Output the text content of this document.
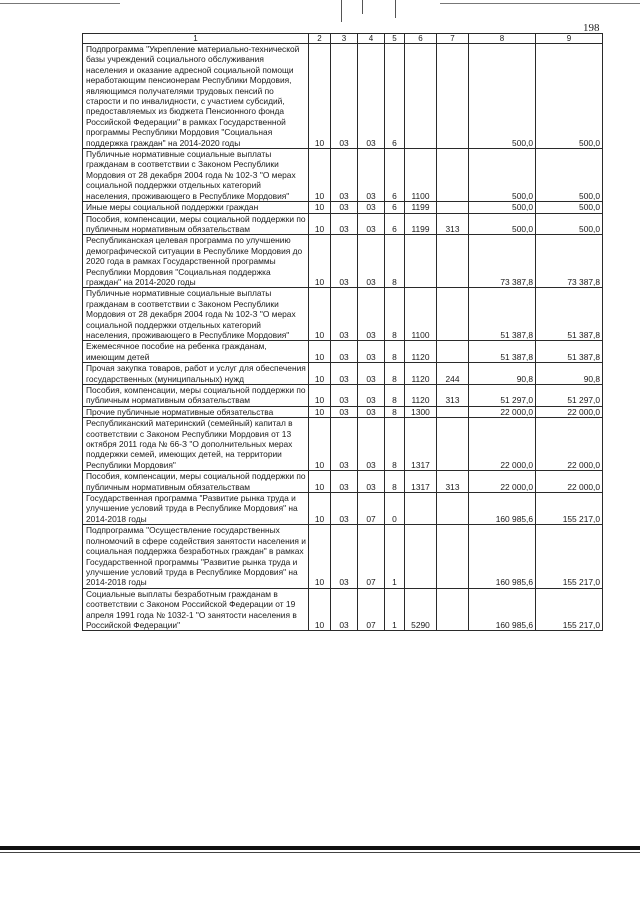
198
1	2	3	4	5	6	7	8	9
Подпрограмма "Укрепление материально-технической базы учреждений социального обслуживания населения и оказание адресной социальной помощи неработающим пенсионерам Республики Мордовия, являющимся получателями трудовых пенсий по старости и по инвалидности, с участием субсидий, предоставляемых из бюджета Пенсионного фонда Российской Федерации" в рамках Государственной программы Республики Мордовия "Социальная поддержка граждан" на 2014-2020 годы	10	03	03	6			500,0	500,0
Публичные нормативные социальные выплаты гражданам в соответствии с Законом Республики Мордовия от 28 декабря 2004 года № 102-З "О мерах социальной поддержки отдельных категорий населения, проживающего в Республике Мордовия"	10	03	03	6	1100		500,0	500,0
Иные меры социальной поддержки граждан	10	03	03	6	1199		500,0	500,0
Пособия, компенсации, меры социальной поддержки по публичным нормативным обязательствам	10	03	03	6	1199	313	500,0	500,0
Республиканская целевая программа по улучшению демографической ситуации в Республике Мордовия до 2020 года в рамках Государственной программы Республики Мордовия "Социальная поддержка граждан" на 2014-2020 годы	10	03	03	8			73 387,8	73 387,8
Публичные нормативные социальные выплаты гражданам в соответствии с Законом Республики Мордовия от 28 декабря 2004 года № 102-З "О мерах социальной поддержки отдельных категорий населения, проживающего в Республике Мордовия"	10	03	03	8	1100		51 387,8	51 387,8
Ежемесячное пособие на ребенка гражданам, имеющим детей	10	03	03	8	1120		51 387,8	51 387,8
Прочая закупка товаров, работ и услуг для обеспечения государственных (муниципальных) нужд	10	03	03	8	1120	244	90,8	90,8
Пособия, компенсации, меры социальной поддержки по публичным нормативным обязательствам	10	03	03	8	1120	313	51 297,0	51 297,0
Прочие публичные нормативные обязательства	10	03	03	8	1300		22 000,0	22 000,0
Республиканский материнский (семейный) капитал в соответствии с Законом Республики Мордовия от 13 октября 2011 года № 66-З "О дополнительных мерах поддержки семей, имеющих детей, на территории Республики Мордовия"	10	03	03	8	1317		22 000,0	22 000,0
Пособия, компенсации, меры социальной поддержки по публичным нормативным обязательствам	10	03	03	8	1317	313	22 000,0	22 000,0
Государственная программа "Развитие рынка труда и улучшение условий труда в Республике Мордовия" на 2014-2018 годы	10	03	07	0			160 985,6	155 217,0
Подпрограмма "Осуществление государственных полномочий в сфере содействия занятости населения и социальная поддержка безработных граждан" в рамках Государственной программы "Развитие рынка труда и улучшение условий труда в Республике Мордовия" на 2014-2018 годы	10	03	07	1			160 985,6	155 217,0
Социальные выплаты безработным гражданам в соответствии с Законом Российской Федерации от 19 апреля 1991 года № 1032-1 "О занятости населения в Российской Федерации"	10	03	07	1	5290		160 985,6	155 217,0
